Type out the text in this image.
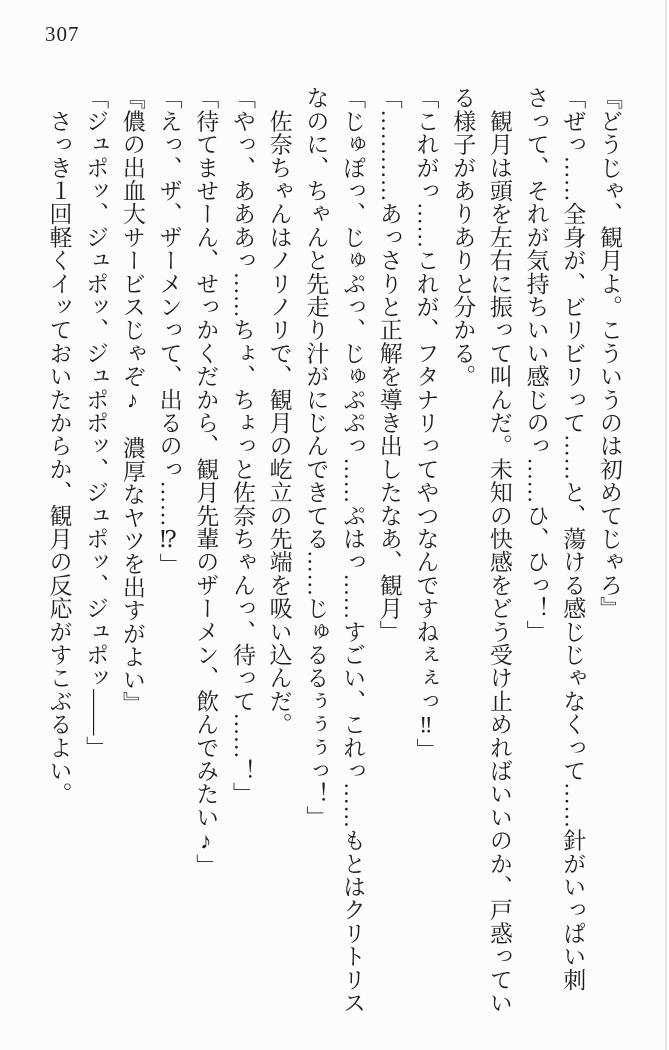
307

『どうじゃ、観月よ。こういうのは初めてじゃろ』

「ぜっ……全身が、ビリビリって……と、蕩ける感じじゃなくって……針がいっぱい刺

さって、それが気持ちいい感じのっ……ひ、ひっ！」

　観月は頭を左右に振って叫んだ。未知の快感をどう受け止めればいいのか、戸惑ってい

る様子がありありと分かる。

「これがっ……これが、フタナリってやつなんですねぇぇっ‼」

「…………あっさりと正解を導き出したなあ、観月」

「じゅぽっ、じゅぷっ、じゅぷぷっ……ぷはっ……すごい、これっ……もとはクリトリス

なのに、ちゃんと先走り汁がにじんできてる……じゅるるぅぅぅっ！」

　佐奈ちゃんはノリノリで、観月の屹立の先端を吸い込んだ。

「やっ、あああっ……ちょ、ちょっと佐奈ちゃんっ、待って……！」

「待てませーん、せっかくだから、観月先輩のザーメン、飲んでみたい♪」

「えっ、ザ、ザーメンって、出るのっ……⁉」

『儂の出血大サービスじゃぞ♪　濃厚なヤツを出すがよい』

「ジュポッ、ジュポッ、ジュポポッ、ジュポッ、ジュポッ――」

　さっき１回軽くイッておいたからか、観月の反応がすこぶるよい。
